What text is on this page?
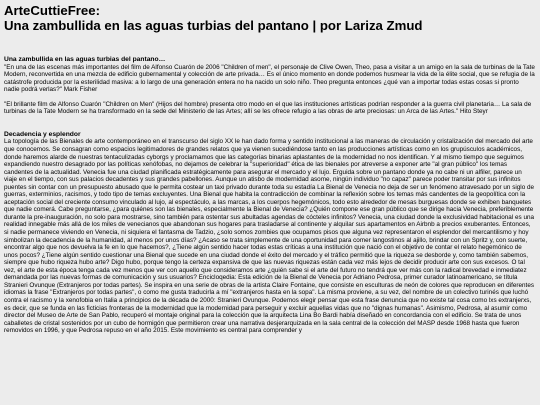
ArteCuttieFree:
Una zambullida en las aguas turbias del pantano | por Lariza Zmud
Una zambullida en las aguas turbias del pantano…

"En una de las escenas más importantes del film de Alfonso Cuarón de 2006 "Children of men", el personaje de Clive Owen, Theo, pasa a visitar a un amigo en la sala de turbinas de la Tate Modern, reconvertida en una mezcla de edificio gubernamental y colección de arte privada… Es el único momento en donde podemos husmear la vida de la élite social, que se refugia de la catástrofe producida por la esterilidad masiva: a lo largo de una generación entera no ha nacido un solo niño. Theo pregunta entonces ¿qué van a importar todas estas cosas si pronto nadie podrá verlas?" Mark Fisher

"El brillante film de Alfonso Cuarón "Children on Men" (Hijos del hombre) presenta otro modo en el que las instituciones artísticas podrían responder a la guerra civil planetaria… La sala de turbinas de la Tate Modern se ha transformado en la sede del Ministerio de las Artes; allí se les ofrece refugio a las obras de arte preciosas: un Arca de las Artes." Hito Steyr

Decadencia y esplendor

La topología de las Bienales de arte contemporáneo en el transcurso del siglo XX le han dado forma y sentido institucional a las maneras de circulación y cristalización del mercado del arte que conocemos. Se consagran como espacios legitimadores de grandes relatos que ya vienen sucediéndose tanto en las producciones artísticas como en los grupúsculos académicos, donde haremos alarde de nuestras tentaculizadas cyborgs y proclamamos que las categorías binarias aplastantes de la modernidad no nos identifican. Y al mismo tiempo que seguimos expandiendo nuestro desagrado por las políticas xenófobas, no dejamos de celebrar la "superioridad" ética de las bienales por atreverse a exponer arte "al gran público" los temas candentes de la actualidad. Venecia fue una ciudad planificada estratégicamente para asegurar el mercado y el lujo. Erguida sobre un pantano donde ya no cabe ni un alfiler, parece un viaje en el tiempo, con sus palacios decadentes y sus grandes pabellones. Aunque un atisbo de modernidad asome, ningún individuo "no capaz" parece poder transitar por sus infinitos puentes sin contar con un presupuesto abusado que le permita costear un taxi privado durante toda su estadía La Bienal de Venecia no deja de ser un fenómeno atravesado por un siglo de guerras, exterminios, racismos, y todo tipo de temas excluyentes. Una Bienal que habita la contradicción de combinar la reflexión sobre los temas más candentes de la geopolítica con la aceptación social del creciente consumo vinculado al lujo, al espectáculo, a las marcas, a los cuerpos hegemónicos, todo esto alrededor de mesas burguesas donde se exhiben banquetes que nadie comerá. Cabe preguntarse, ¿para quiénes son las bienales, especialmente la Bienal de Venecia? ¿Quién compone ese gran público que se dirige hacia Venecia, preferiblemente durante la pre-inauguración, no solo para mostrarse, sino también para ostentar sus abultadas agendas de cócteles infinitos? Venecia, una ciudad donde la exclusividad habitacional es una realidad innegable más allá de los miles de venecianos que abandonan sus hogares para trasladarse al continente y alquilar sus apartamentos en Airbnb a precios exuberantes. Entonces, si nadie permanece viviendo en Venecia, ni siquiera el fantasma de Tadzio, ¿solo somos zombies que ocupamos pisos que alguna vez representaron el esplendor del mercantilismo y hoy simbolizan la decadencia de la humanidad, al menos por unos días? ¿Acaso se trata simplemente de una oportunidad para comer langostinos al ajillo, brindar con un Spritz y, con suerte, encontrar algo que nos devuelva la fe en lo que hacemos?, ¿Tiene algún sentido hacer todas estas críticas a una institución que nació con el objetivo de contar el relato hegemónico de unos pocos? ¿Tiene algún sentido cuestionar una Bienal que sucede en una ciudad donde el éxito del mercado y el tráfico permitió que la riqueza se desborde y, como también sabemos, siempre que hubo riqueza hubo arte? Digo hubo, porque tengo la certeza expansiva de que las nuevas riquezas están cada vez más lejos de decidir producir arte con sus excesos. O tal vez, el arte de esta época tenga cada vez menos que ver con aquello que consideramos arte ¿quién sabe si el arte del futuro no tendrá que ver más con la radical brevedad e inmediatez demandada por las nuevas formas de comunicación y sus usuarios? Encicloqedia: Esta edición de la Bienal de Venecia por Adriano Pedrosa, primer curador latinoamericano, se títula Stranieri Ovunque (Extranjeros por todas partes). Se inspira en una serie de obras de la artista Claire Fontaine, que consiste en esculturas de neón de colores que reproducen en diferentes idiomas la frase "Extranjeros por todas partes", o como me gusta traducirla a mí "extranjeros hasta en la sopa". La misma proviene, a su vez, del nombre de un colectivo turinés que luchó contra el racismo y la xenofobia en Italia a principios de la década de 2000: Stranieri Ovunque. Podemos elegir pensar que esta frase denuncia que no existe tal cosa como lxs extranjerxs, es decir, que se funda en las ficticias fronteras de la modernidad que la modernidad para perseguir y excluir aquellas vidas que no "dignas humanas". Asimismo, Pedrosa, al asumir como director del Museo de Arte de San Pablo, recuperó el montaje original para la colección que la arquitecta Lina Bo Bardi había diseñado en concordancia con el edificio. Se trata de unos caballetes de cristal sostenidos por un cubo de hormigón que permitieron crear una narrativa desjerarquizada en la sala central de la colección del MASP desde 1968 hasta que fueron removidos en 1996, y que Pedrosa repuso en el año 2015. Este movimiento es central para comprender y
